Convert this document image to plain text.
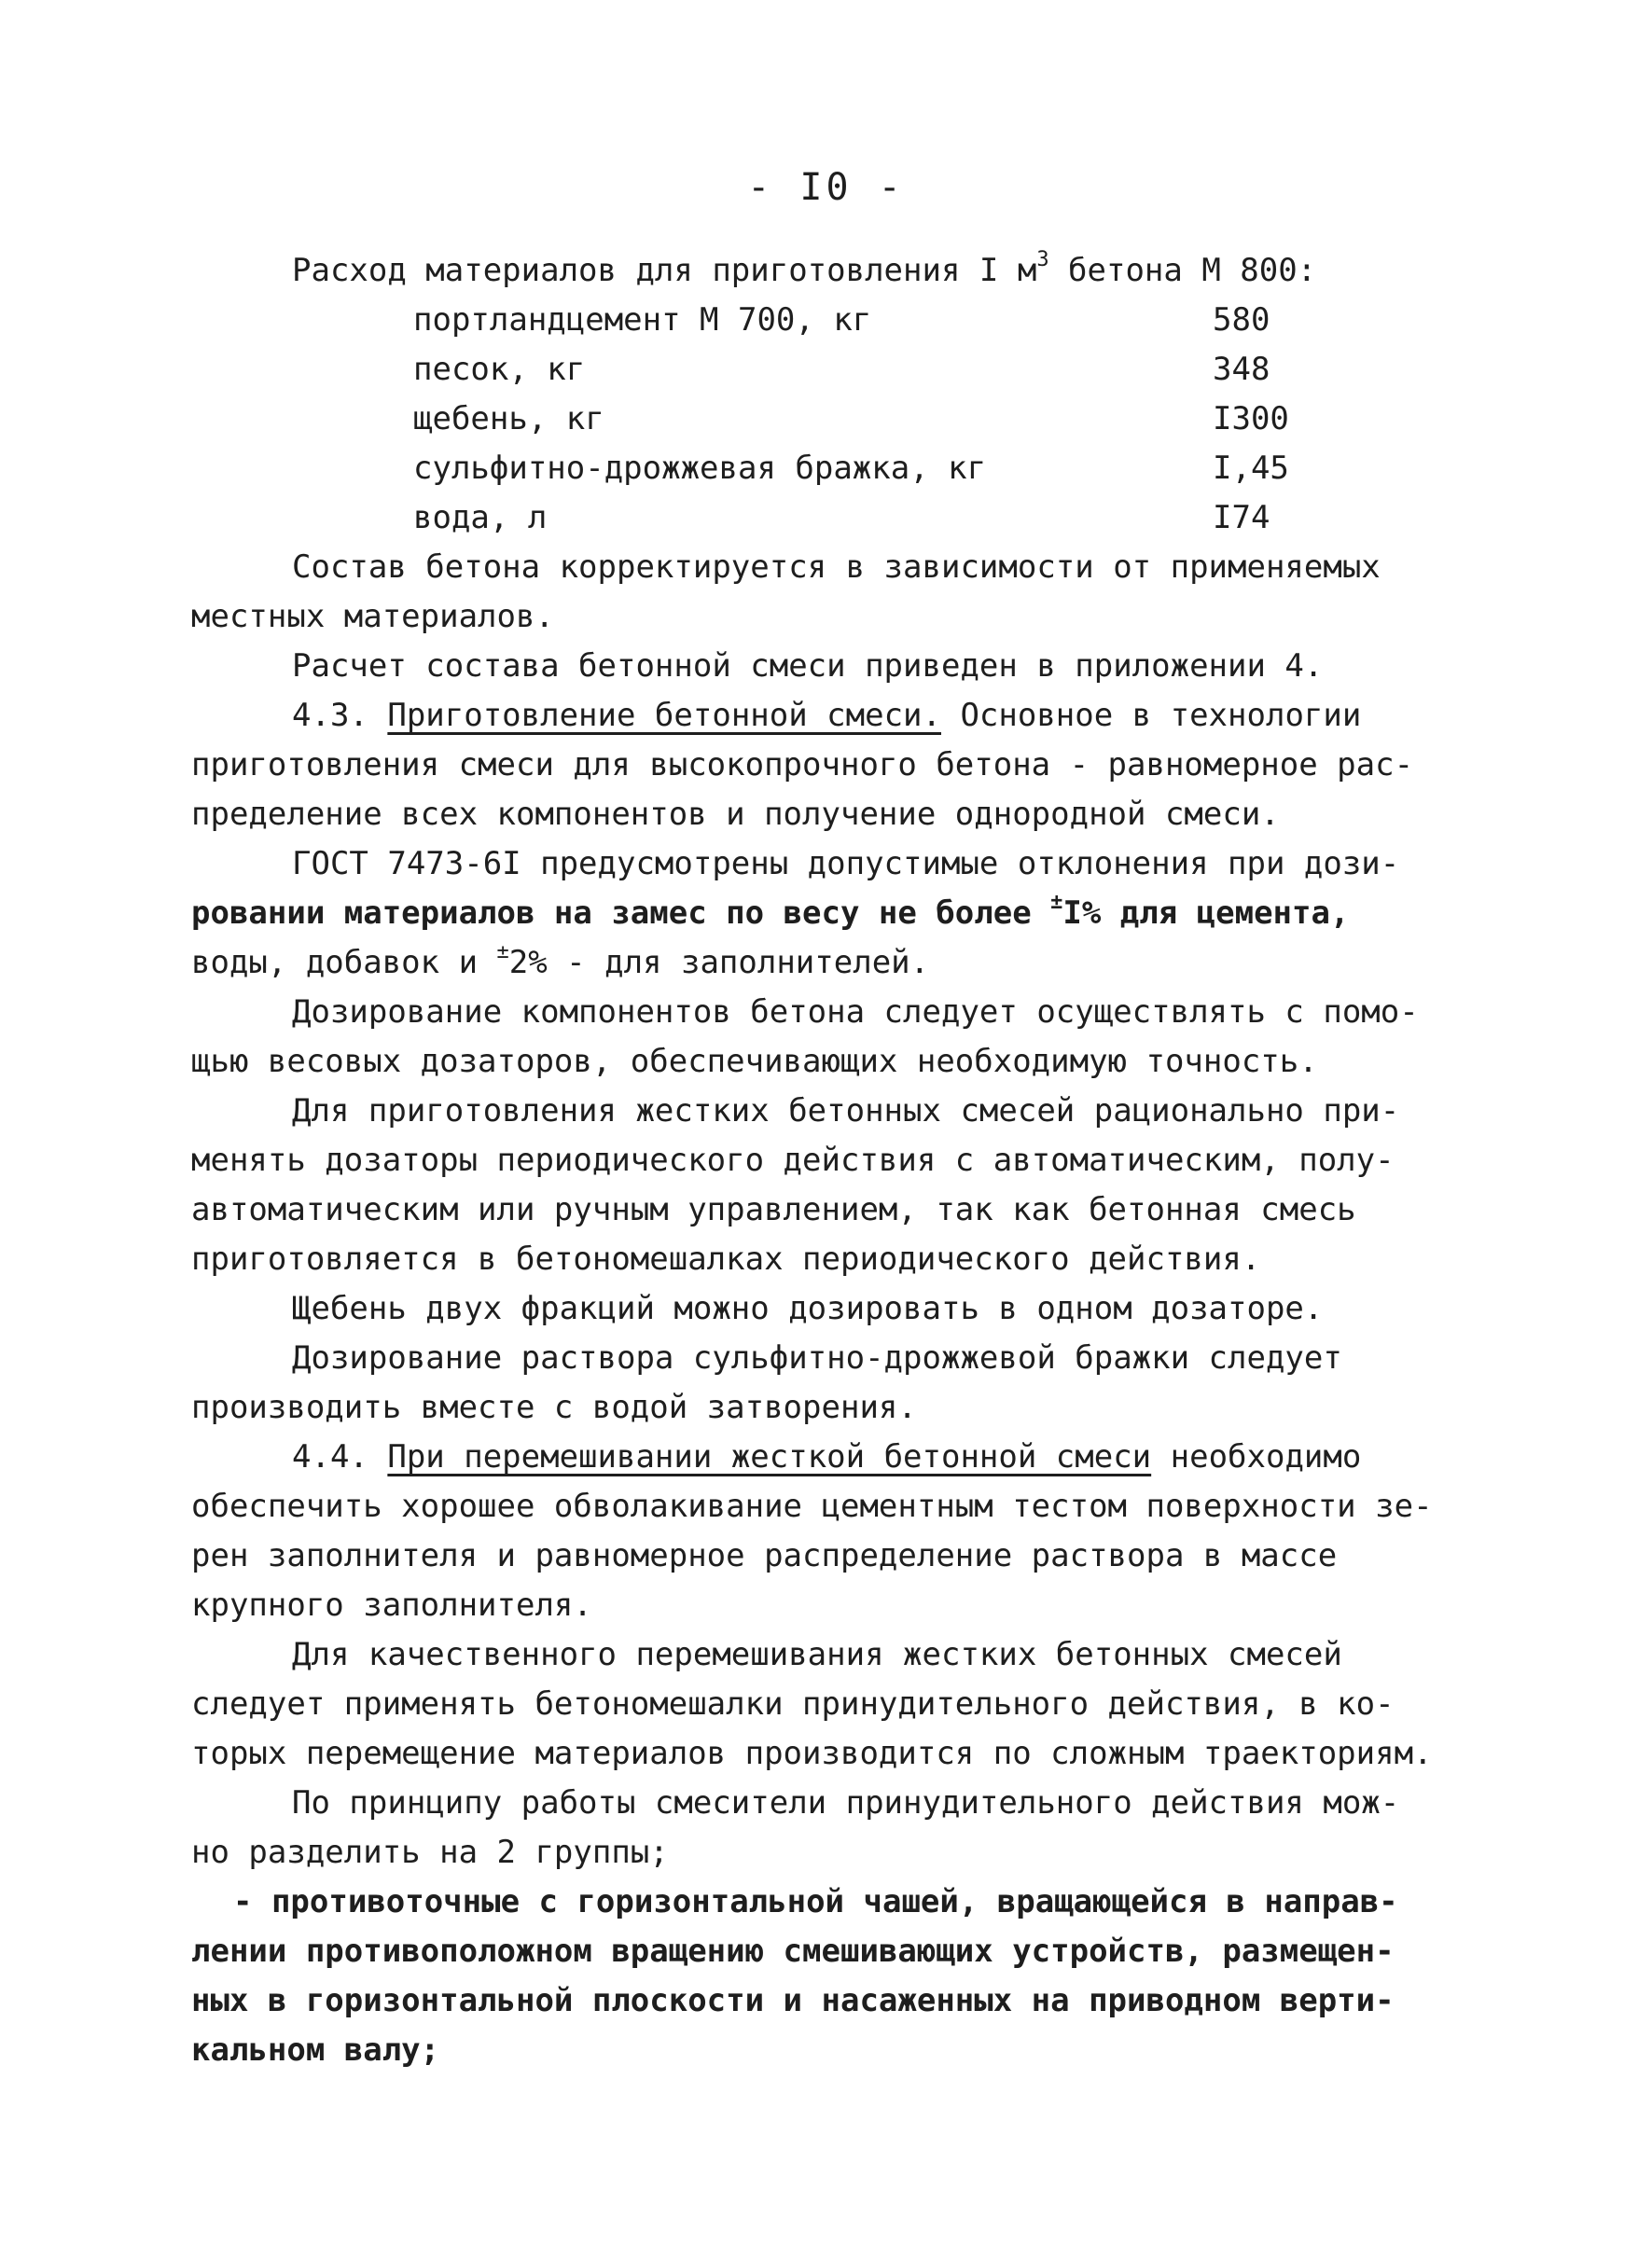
- I0 -
Расход материалов для приготовления I $м^3$ бетона М 800:
портландцемент М 700, кг	580
песок, кг	348
щебень, кг	I300
сульфитно-дрожжевая бражка, кг	I,45
вода, л	I74
Состав бетона корректируется в зависимости от применяемых
местных материалов.
Расчет состава бетонной смеси приведен в приложении 4.
4.3. Приготовление бетонной смеси. Основное в технологии
приготовления смеси для высокопрочного бетона - равномерное рас-
пределение всех компонентов и получение однородной смеси.
ГОСТ 7473-6I предусмотрены допустимые отклонения при дози-
ровании материалов на замес по весу не более ±I% для цемента,
воды, добавок и ±2% - для заполнителей.
Дозирование компонентов бетона следует осуществлять с помо-
щью весовых дозаторов, обеспечивающих необходимую точность.
Для приготовления жестких бетонных смесей рационально при-
менять дозаторы периодического действия с автоматическим, полу-
автоматическим или ручным управлением, так как бетонная смесь
приготовляется в бетономешалках периодического действия.
Щебень двух фракций можно дозировать в одном дозаторе.
Дозирование раствора сульфитно-дрожжевой бражки следует
производить вместе с водой затворения.
4.4. При перемешивании жесткой бетонной смеси необходимо
обеспечить хорошее обволакивание цементным тестом поверхности зе-
рен заполнителя и равномерное распределение раствора в массе
крупного заполнителя.
Для качественного перемешивания жестких бетонных смесей
следует применять бетономешалки принудительного действия, в ко-
торых перемещение материалов производится по сложным траекториям.
По принципу работы смесители принудительного действия мож-
но разделить на 2 группы;
- противоточные с горизонтальной чашей, вращающейся в направ-
лении противоположном вращению смешивающих устройств, размещен-
ных в горизонтальной плоскости и насаженных на приводном верти-
кальном валу;
